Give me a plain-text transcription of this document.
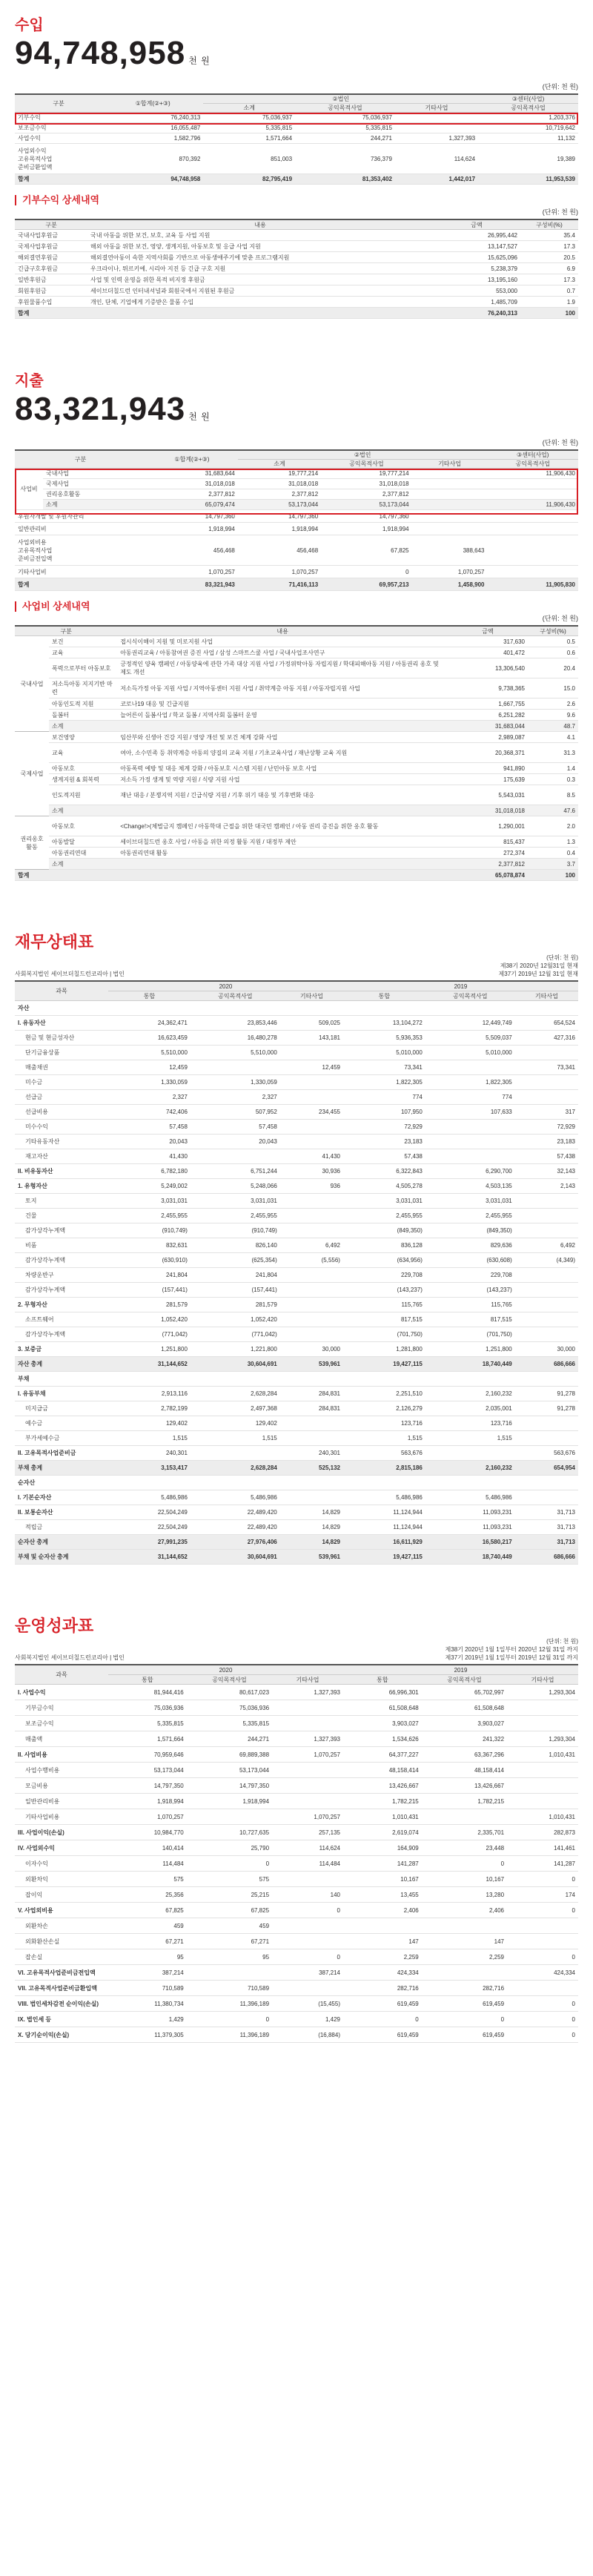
수입
94,748,958 천 원
(단위: 천 원)
구분	①합계(②+③)	②법인			③센터(사업)
		소계	공익목적사업	기타사업	공익목적사업
기부수익	76,240,313	75,036,937	75,036,937		1,203,376
보조금수익	16,055,487	5,335,815	5,335,815		10,719,642
사업수익	1,582,796	1,571,664	244,271	1,327,393	11,132
사업외수익
고유목적사업
준비금환입액	870,392	851,003	736,379	114,624	19,389
합계	94,748,958	82,795,419	81,353,402	1,442,017	11,953,539
기부수익 상세내역
(단위: 천 원)
구분	내용	금액	구성비(%)
국내사업후원금	국내 아동을 위한 보건, 보호, 교육 등 사업 지원	26,995,442	35.4
국제사업후원금	해외 아동을 위한 보건, 영양, 생계지원, 아동보호 및 응급 사업 지원	13,147,527	17.3
해외결연후원금	해외결연아동이 속한 지역사회를 기반으로 아동생애주기에 맞춘 프로그램지원	15,625,096	20.5
긴급구호후원금	우크라이나, 튀르키예, 시리아 지진 등 긴급 구호 지원	5,238,379	6.9
일반후원금	사업 및 인력 운영을 위한 목적 비지정 후원금	13,195,160	17.3
회원후원금	세이브더칠드런 인터내셔널과 회원국에서 지원된 후원금	553,000	0.7
후원물품수입	개인, 단체, 기업에게 기증받은 물품 수입	1,485,709	1.9
합계		76,240,313	100
지출
83,321,943 천 원
(단위: 천 원)
구분		①합계(②+③)	②법인			③센터(사업)
			소계	공익목적사업	기타사업	공익목적사업
사업비	국내사업	31,683,644	19,777,214	19,777,214		11,906,430
	국제사업	31,018,018	31,018,018	31,018,018		
	권리옹호활동	2,377,812	2,377,812	2,377,812		
	소계	65,079,474	53,173,044	53,173,044		11,906,430
후원자개발 및 후원자관리		14,797,360	14,797,360	14,797,360		
일반관리비		1,918,994	1,918,994	1,918,994		
사업외비용
고유목적사업
준비금전입액		456,468	456,468	67,825	388,643	
기타사업비		1,070,257	1,070,257	0	1,070,257	
합계		83,321,943	71,416,113	69,957,213	1,458,900	11,905,830
사업비 상세내역
(단위: 천 원)
구분		내용	금액	구성비(%)
국내사업	보건	접시식이해이 지원 및 미로지원 사업	317,630	0.5
	교육	아동권리교육 / 아동참여권 증진 사업 / 삼성 스마트스쿨 사업 / 국내사업조사연구	401,472	0.6
	폭력으로부터 아동보호	긍정적인 양육 캠페인 / 아동양육에 관한 가족 대상 지원 사업 / 가정위탁아동 자립지원 / 학대피해아동 지원 / 아동권리 옹호 및 제도 개선	13,306,540	20.4
	저소득아동 지지기반 마련	저소득가정 아동 지원 사업 / 지역아동센터 지원 사업 / 취약계층 아동 지원 / 아동자립지원 사업	9,738,365	15.0
	아동인도적 지원	코로나19 대응 및 긴급지원	1,667,755	2.6
	돌봄터	늘어른이 돌봄사업 / 학교 돌봄 / 지역사회 돌봄터 운영	6,251,282	9.6
	소계		31,683,044	48.7
국제사업	보건영양	임산부와 신생아 건강 지원 / 영양 개선 및 보건 체계 강화 사업	2,989,087	4.1
	교육	여아, 소수민족 등 취약계층 아동의 양질의 교육 지원 / 기초교육사업 / 재난상황 교육 지원	20,368,371	31.3
	아동보호	아동폭력 예방 및 대응 체계 강화 / 아동보호 시스템 지원 / 난민아동 보호 사업	941,890	1.4
	생계지원 & 회복력	저소득 가정 생계 및 역량 지원 / 식량 지원 사업	175,639	0.3
	인도적지원	재난 대응 / 분쟁지역 지원 / 긴급식량 지원 / 기후 위기 대응 및 기후변화 대응	5,543,031	8.5
	소계		31,018,018	47.6
권리옹호활동	아동보호	<Change!>(체벌금지 캠페인 / 아동학대 근절을 위한 대국민 캠페인 / 아동 권리 증진을 위한 옹호 활동	1,290,001	2.0
	아동발달	세이브더칠드런 옹호 사업 / 아동을 위한 의정 활동 지원 / 대정부 제안	815,437	1.3
	아동권리연대	아동권리연대 활동	272,374	0.4
	소계		2,377,812	3.7
합계			65,078,874	100
재무상태표
사회복지법인 세이브더칠드런코리아 | 법인
(단위: 천 원)
제38기 2020년 12월31일 현재
제37기 2019년 12월 31일 현재
과목	2020			2019		
	통합	공익목적사업	기타사업	통합	공익목적사업	기타사업
자산						
I. 유동자산	24,362,471	23,853,446	509,025	13,104,272	12,449,749	654,524
현금 및 현금성자산	16,623,459	16,480,278	143,181	5,936,353	5,509,037	427,316
단기금융상품	5,510,000	5,510,000		5,010,000	5,010,000	
매출채권	12,459		12,459	73,341		73,341
미수금	1,330,059	1,330,059		1,822,305	1,822,305	
선급금	2,327	2,327		774	774	
선급비용	742,406	507,952	234,455	107,950	107,633	317
미수수익	57,458	57,458		72,929		72,929
기타유동자산	20,043	20,043		23,183		23,183
재고자산	41,430		41,430	57,438		57,438
II. 비유동자산	6,782,180	6,751,244	30,936	6,322,843	6,290,700	32,143
1. 유형자산	5,249,002	5,248,066	936	4,505,278	4,503,135	2,143
토지	3,031,031	3,031,031		3,031,031	3,031,031	
건물	2,455,955	2,455,955		2,455,955	2,455,955	
감가상각누계액	(910,749)	(910,749)		(849,350)	(849,350)	
비품	832,631	826,140	6,492	836,128	829,636	6,492
감가상각누계액	(630,910)	(625,354)	(5,556)	(634,956)	(630,608)	(4,349)
차량운반구	241,804	241,804		229,708	229,708	
감가상각누계액	(157,441)	(157,441)		(143,237)	(143,237)	
2. 무형자산	281,579	281,579		115,765	115,765	
소프트웨어	1,052,420	1,052,420		817,515	817,515	
감가상각누계액	(771,042)	(771,042)		(701,750)	(701,750)	
3. 보증금	1,251,800	1,221,800	30,000	1,281,800	1,251,800	30,000
자산 총계	31,144,652	30,604,691	539,961	19,427,115	18,740,449	686,666
부채						
I. 유동부채	2,913,116	2,628,284	284,831	2,251,510	2,160,232	91,278
미지급금	2,782,199	2,497,368	284,831	2,126,279	2,035,001	91,278
예수금	129,402	129,402		123,716	123,716	
부가세예수금	1,515	1,515		1,515	1,515	
II. 고유목적사업준비금	240,301		240,301	563,676		563,676
부채 총계	3,153,417	2,628,284	525,132	2,815,186	2,160,232	654,954
순자산						
I. 기본순자산	5,486,986	5,486,986		5,486,986	5,486,986	
II. 보통순자산	22,504,249	22,489,420	14,829	11,124,944	11,093,231	31,713
적립금	22,504,249	22,489,420	14,829	11,124,944	11,093,231	31,713
순자산 총계	27,991,235	27,976,406	14,829	16,611,929	16,580,217	31,713
부채 및 순자산 총계	31,144,652	30,604,691	539,961	19,427,115	18,740,449	686,666
운영성과표
사회복지법인 세이브더칠드런코리아 | 법인
(단위: 천 원)
제38기 2020년 1월 1일부터 2020년 12월 31일 까지
제37기 2019년 1월 1일부터 2019년 12월 31일 까지
과목	2020			2019		
	통합	공익목적사업	기타사업	통합	공익목적사업	기타사업
I. 사업수익	81,944,416	80,617,023	1,327,393	66,996,301	65,702,997	1,293,304
기부금수익	75,036,936	75,036,936		61,508,648	61,508,648	
보조금수익	5,335,815	5,335,815		3,903,027	3,903,027	
매출액	1,571,664	244,271	1,327,393	1,534,626	241,322	1,293,304
II. 사업비용	70,959,646	69,889,388	1,070,257	64,377,227	63,367,296	1,010,431
사업수행비용	53,173,044	53,173,044		48,158,414	48,158,414	
모금비용	14,797,350	14,797,350		13,426,667	13,426,667	
일반관리비용	1,918,994	1,918,994		1,782,215	1,782,215	
기타사업비용	1,070,257		1,070,257	1,010,431		1,010,431
III. 사업이익(손실)	10,984,770	10,727,635	257,135	2,619,074	2,335,701	282,873
IV. 사업외수익	140,414	25,790	114,624	164,909	23,448	141,461
이자수익	114,484	0	114,484	141,287	0	141,287
외환차익	575	575		10,167	10,167	0
잡이익	25,356	25,215	140	13,455	13,280	174
V. 사업외비용	67,825	67,825	0	2,406	2,406	0
외환차손	459	459				
외화환산손실	67,271	67,271		147	147	
잡손실	95	95	0	2,259	2,259	0
VI. 고유목적사업준비금전입액	387,214		387,214	424,334		424,334
VII. 고유목적사업준비금환입액	710,589	710,589		282,716	282,716	
VIII. 법인세차감전 순이익(손실)	11,380,734	11,396,189	(15,455)	619,459	619,459	0
IX. 법인세 등	1,429	0	1,429	0	0	0
X. 당기순이익(손실)	11,379,305	11,396,189	(16,884)	619,459	619,459	0
